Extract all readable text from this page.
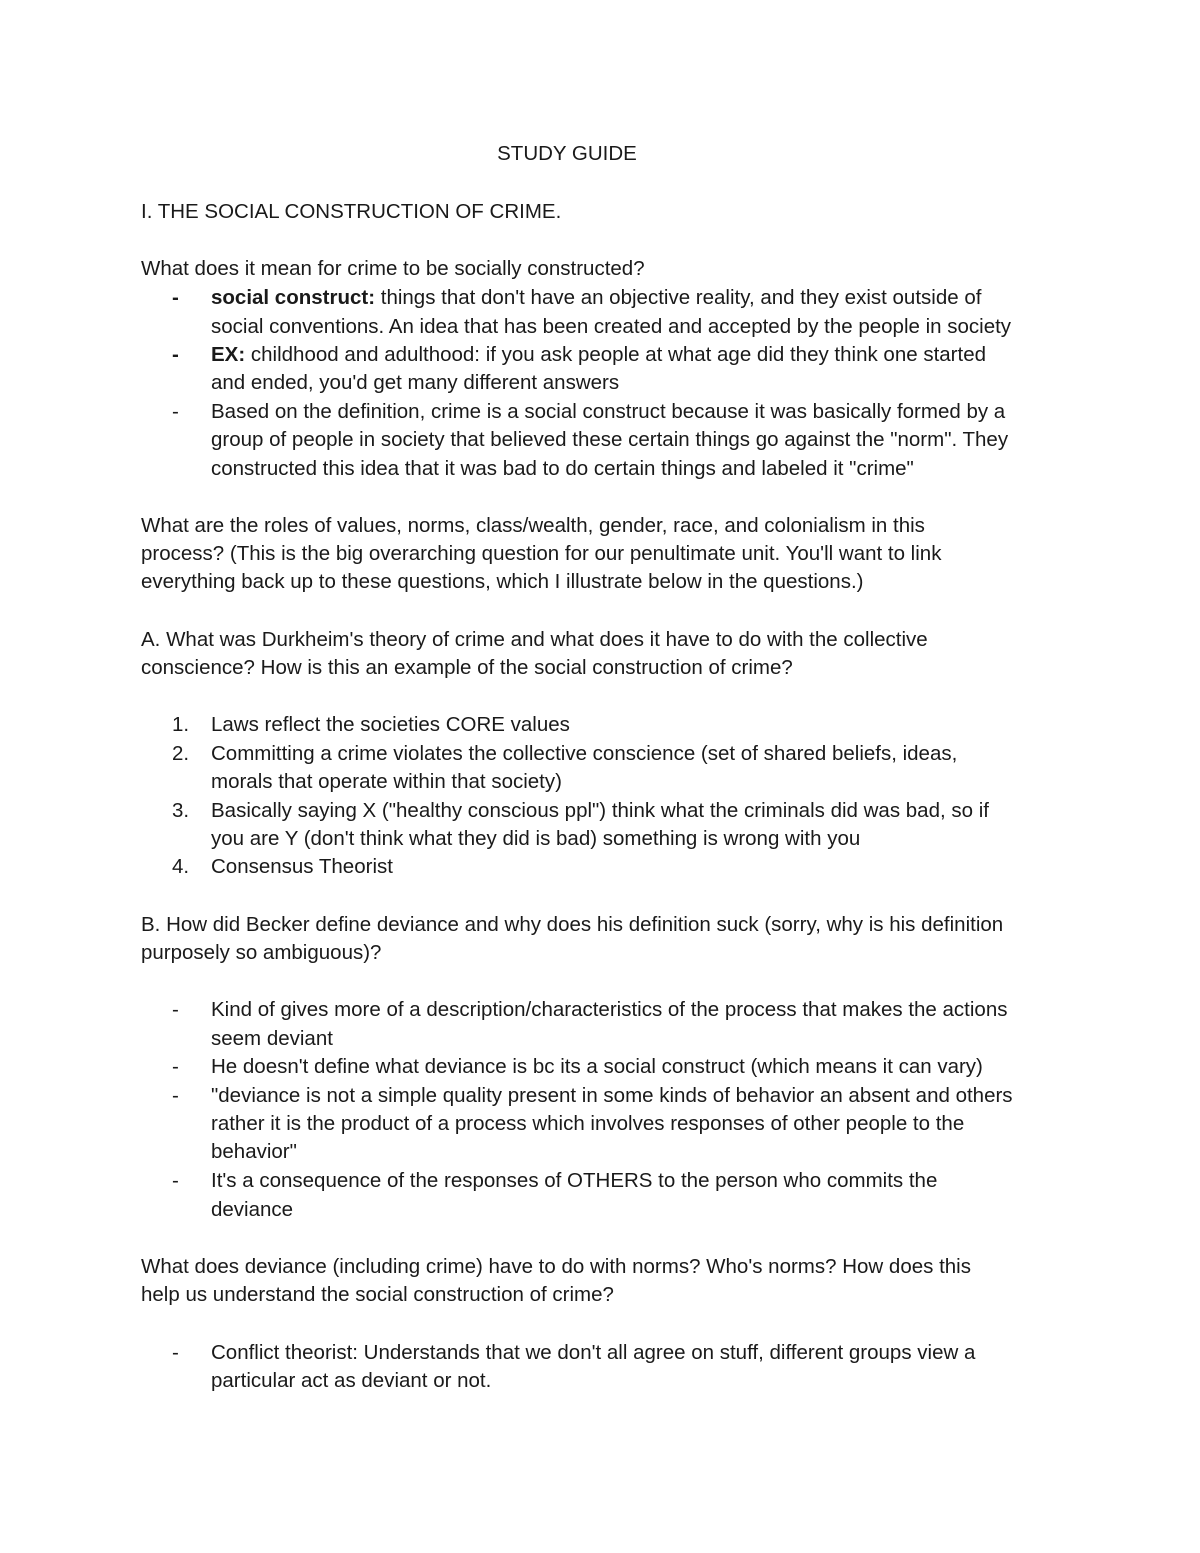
STUDY GUIDE
I. THE SOCIAL CONSTRUCTION OF CRIME.
What does it mean for crime to be socially constructed?
- social construct: things that don't have an objective reality, and they exist outside of
social conventions. An idea that has been created and accepted by the people in society
- EX: childhood and adulthood: if you ask people at what age did they think one started
and ended, you'd get many different answers
- Based on the definition, crime is a social construct because it was basically formed by a
group of people in society that believed these certain things go against the "norm". They
constructed this idea that it was bad to do certain things and labeled it "crime"
What are the roles of values, norms, class/wealth, gender, race, and colonialism in this
process? (This is the big overarching question for our penultimate unit. You'll want to link
everything back up to these questions, which I illustrate below in the questions.)
A. What was Durkheim's theory of crime and what does it have to do with the collective
conscience? How is this an example of the social construction of crime?
1. Laws reflect the societies CORE values
2. Committing a crime violates the collective conscience (set of shared beliefs, ideas,
morals that operate within that society)
3. Basically saying X ("healthy conscious ppl") think what the criminals did was bad, so if
you are Y (don't think what they did is bad) something is wrong with you
4. Consensus Theorist
B. How did Becker define deviance and why does his definition suck (sorry, why is his definition
purposely so ambiguous)?
- Kind of gives more of a description/characteristics of the process that makes the actions
seem deviant
- He doesn't define what deviance is bc its a social construct (which means it can vary)
- "deviance is not a simple quality present in some kinds of behavior an absent and others
rather it is the product of a process which involves responses of other people to the
behavior"
- It's a consequence of the responses of OTHERS to the person who commits the
deviance
What does deviance (including crime) have to do with norms? Who's norms? How does this
help us understand the social construction of crime?
- Conflict theorist: Understands that we don't all agree on stuff, different groups view a
particular act as deviant or not.
